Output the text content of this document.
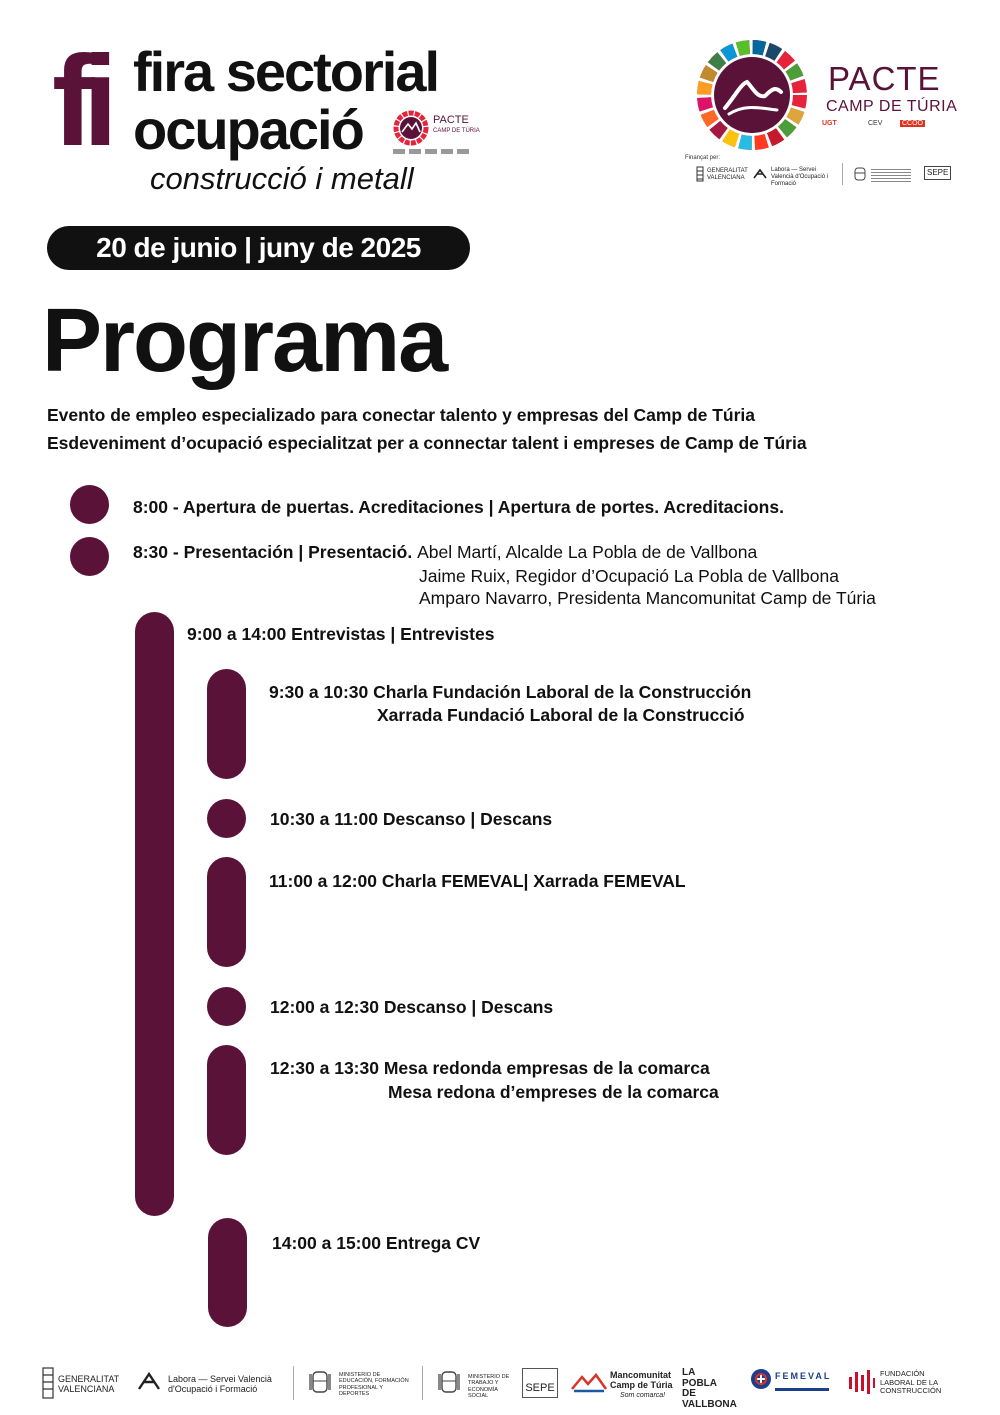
fi fira sectorial
ocupació
construcció i metall
PACTE
CAMP DE TÚRIA
20 de junio | juny de 2025
PACTE
CAMP DE TÚRIA
UGT	CEV	CCOO
Finançat per:
GENERALITAT VALENCIANA
Labora — Servei Valencià d'Ocupació i Formació
SEPE
Programa
Evento de empleo especializado para conectar talento y empresas del Camp de Túria
Esdeveniment d’ocupació especialitzat per a connectar talent i empreses de Camp de Túria
8:00 - Apertura de puertas. Acreditaciones | Apertura de portes. Acreditacions.
8:30 - Presentación | Presentació. Abel Martí, Alcalde La Pobla de de Vallbona
Jaime Ruix, Regidor d’Ocupació La Pobla de Vallbona
Amparo Navarro, Presidenta Mancomunitat Camp de Túria
9:00 a 14:00 Entrevistas | Entrevistes
9:30 a 10:30 Charla Fundación Laboral de la Construcción
Xarrada Fundació Laboral de la Construcció
10:30 a 11:00 Descanso | Descans
11:00 a 12:00 Charla FEMEVAL| Xarrada FEMEVAL
12:00 a 12:30 Descanso | Descans
12:30 a 13:30 Mesa redonda empresas de la comarca
Mesa redona d’empreses de la comarca
14:00 a 15:00 Entrega CV
GENERALITAT VALENCIANA
Labora — Servei Valencià d'Ocupació i Formació
MINISTERIO DE EDUCACIÓN, FORMACIÓN PROFESIONAL Y DEPORTES
MINISTERIO DE TRABAJO Y ECONOMÍA SOCIAL
SEPE
Mancomunitat Camp de Túria
Som comarca!
LA POBLA DE VALLBONA
FEMEVAL	FUNDACIÓN LABORAL DE LA CONSTRUCCIÓN
